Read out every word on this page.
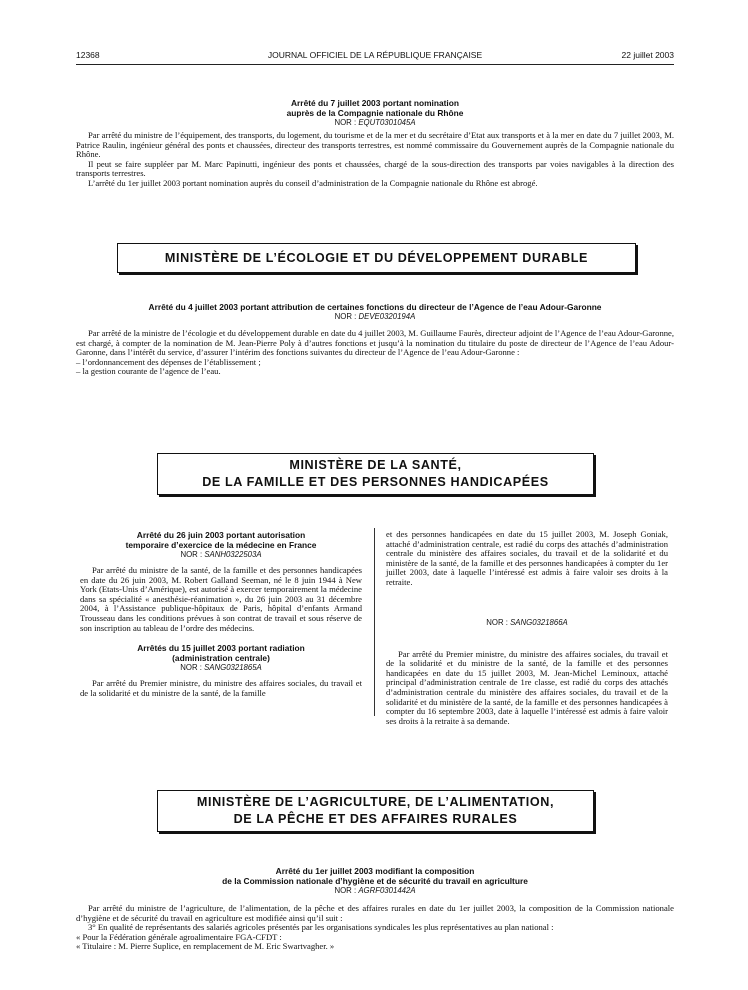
12368	JOURNAL OFFICIEL DE LA RÉPUBLIQUE FRANÇAISE	22 juillet 2003
Arrêté du 7 juillet 2003 portant nomination
auprès de la Compagnie nationale du Rhône
NOR : EQUT0301045A

Par arrêté du ministre de l’équipement, des transports, du logement, du tourisme et de la mer et du secrétaire d’Etat aux transports et à la mer en date du 7 juillet 2003, M. Patrice Raulin, ingénieur général des ponts et chaussées, directeur des transports terrestres, est nommé commissaire du Gouvernement auprès de la Compagnie nationale du Rhône.

Il peut se faire suppléer par M. Marc Papinutti, ingénieur des ponts et chaussées, chargé de la sous-direction des transports par voies navigables à la direction des transports terrestres.

L’arrêté du 1er juillet 2003 portant nomination auprès du conseil d’administration de la Compagnie nationale du Rhône est abrogé.

MINISTÈRE DE L’ÉCOLOGIE ET DU DÉVELOPPEMENT DURABLE
Arrêté du 4 juillet 2003 portant attribution de certaines fonctions du directeur de l’Agence de l’eau Adour-Garonne
NOR : DEVE0320194A

Par arrêté de la ministre de l’écologie et du développement durable en date du 4 juillet 2003, M. Guillaume Faurès, directeur adjoint de l’Agence de l’eau Adour-Garonne, est chargé, à compter de la nomination de M. Jean-Pierre Poly à d’autres fonctions et jusqu’à la nomination du titulaire du poste de directeur de l’Agence de l’eau Adour-Garonne, dans l’intérêt du service, d’assurer l’intérim des fonctions suivantes du directeur de l’Agence de l’eau Adour-Garonne :

– l’ordonnancement des dépenses de l’établissement ;

– la gestion courante de l’agence de l’eau.

MINISTÈRE DE LA SANTÉ,
DE LA FAMILLE ET DES PERSONNES HANDICAPÉES
Arrêté du 26 juin 2003 portant autorisation
temporaire d’exercice de la médecine en France
NOR : SANH0322503A

Par arrêté du ministre de la santé, de la famille et des personnes handicapées en date du 26 juin 2003, M. Robert Galland Seeman, né le 8 juin 1944 à New York (Etats-Unis d’Amérique), est autorisé à exercer temporairement la médecine dans sa spécialité « anesthésie-réanimation », du 26 juin 2003 au 31 décembre 2004, à l’Assistance publique-hôpitaux de Paris, hôpital d’enfants Armand Trousseau dans les conditions prévues à son contrat de travail et sous réserve de son inscription au tableau de l’ordre des médecins.

Arrêtés du 15 juillet 2003 portant radiation
(administration centrale)
NOR : SANG0321865A

Par arrêté du Premier ministre, du ministre des affaires sociales, du travail et de la solidarité et du ministre de la santé, de la famille

et des personnes handicapées en date du 15 juillet 2003, M. Joseph Goniak, attaché d’administration centrale, est radié du corps des attachés d’administration centrale du ministère des affaires sociales, du travail et de la solidarité et du ministère de la santé, de la famille et des personnes handicapées à compter du 1er juillet 2003, date à laquelle l’intéressé est admis à faire valoir ses droits à la retraite.

NOR : SANG0321866A

Par arrêté du Premier ministre, du ministre des affaires sociales, du travail et de la solidarité et du ministre de la santé, de la famille et des personnes handicapées en date du 15 juillet 2003, M. Jean-Michel Leminoux, attaché principal d’administration centrale de 1re classe, est radié du corps des attachés d’administration centrale du ministère des affaires sociales, du travail et de la solidarité et du ministère de la santé, de la famille et des personnes handicapées à compter du 16 septembre 2003, date à laquelle l’intéressé est admis à faire valoir ses droits à la retraite à sa demande.

MINISTÈRE DE L’AGRICULTURE, DE L’ALIMENTATION,
DE LA PÊCHE ET DES AFFAIRES RURALES
Arrêté du 1er juillet 2003 modifiant la composition
de la Commission nationale d’hygiène et de sécurité du travail en agriculture
NOR : AGRF0301442A

Par arrêté du ministre de l’agriculture, de l’alimentation, de la pêche et des affaires rurales en date du 1er juillet 2003, la composition de la Commission nationale d’hygiène et de sécurité du travail en agriculture est modifiée ainsi qu’il suit :

3° En qualité de représentants des salariés agricoles présentés par les organisations syndicales les plus représentatives au plan national :

« Pour la Fédération générale agroalimentaire FGA-CFDT :

« Titulaire : M. Pierre Suplice, en remplacement de M. Eric Swartvagher. »
